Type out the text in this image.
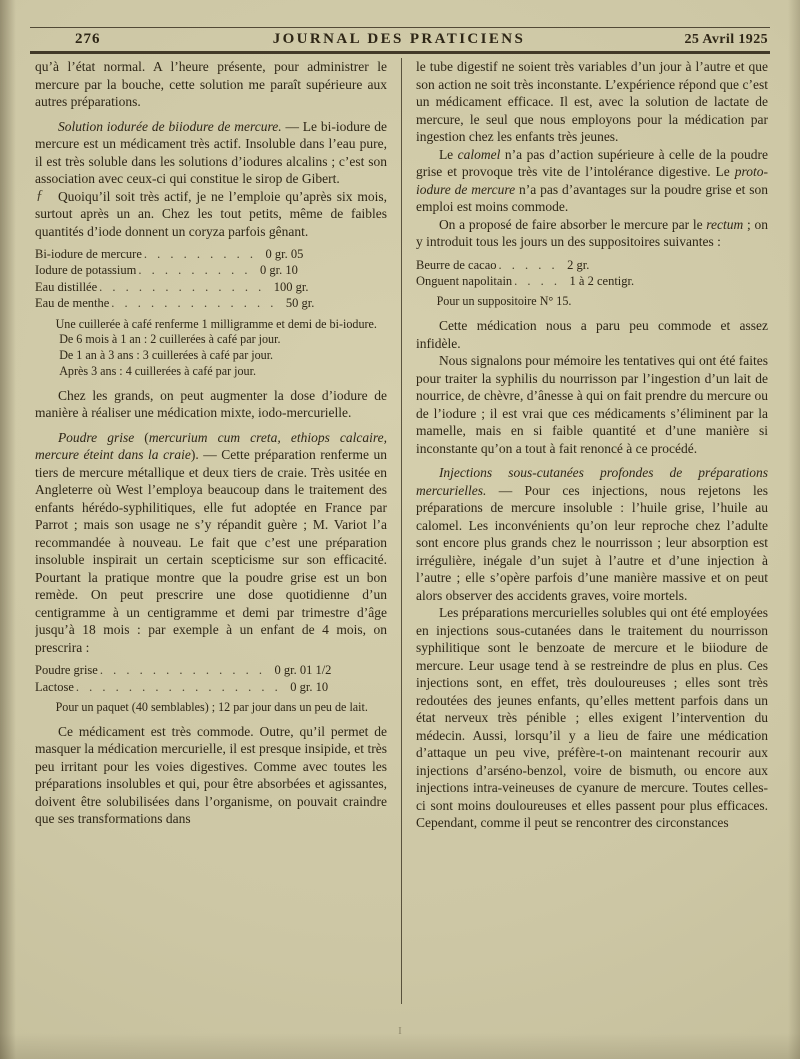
276	JOURNAL DES PRATICIENS	25 Avril 1925

qu’à l’état normal. A l’heure présente, pour administrer le mercure par la bouche, cette solution me paraît supérieure aux autres préparations.

Solution iodurée de biiodure de mercure. — Le bi-iodure de mercure est un médicament très actif. Insoluble dans l’eau pure, il est très soluble dans les solutions d’iodures alcalins ; c’est son association avec ceux-ci qui constitue le sirop de Gibert.

ƒ Quoiqu’il soit très actif, je ne l’emploie qu’après six mois, surtout après un an. Chez les tout petits, même de faibles quantités d’iode donnent un coryza parfois gênant.

Bi-iodure de mercure . . . . . . . . . 0 gr. 05
Iodure de potassium . . . . . . . . . 0 gr. 10
Eau distillée . . . . . . . . . . . . . 100 gr.
Eau de menthe . . . . . . . . . . . . . 50 gr.

Une cuillerée à café renferme 1 milligramme et demi de bi-iodure.

De 6 mois à 1 an : 2 cuillerées à café par jour.

De 1 an à 3 ans : 3 cuillerées à café par jour.

Après 3 ans : 4 cuillerées à café par jour.

Chez les grands, on peut augmenter la dose d’iodure de manière à réaliser une médication mixte, iodo-mercurielle.

Poudre grise (mercurium cum creta, ethiops calcaire, mercure éteint dans la craie). — Cette préparation renferme un tiers de mercure métallique et deux tiers de craie. Très usitée en Angleterre où West l’employa beaucoup dans le traitement des enfants hérédo-syphilitiques, elle fut adoptée en France par Parrot ; mais son usage ne s’y répandit guère ; M. Variot l’a recommandée à nouveau. Le fait que c’est une préparation insoluble inspirait un certain scepticisme sur son efficacité. Pourtant la pratique montre que la poudre grise est un bon remède. On peut prescrire une dose quotidienne d’un centigramme à un centigramme et demi par trimestre d’âge jusqu’à 18 mois : par exemple à un enfant de 4 mois, on prescrira :

Poudre grise . . . . . . . . . . . . . 0 gr. 01 1/2
Lactose . . . . . . . . . . . . . . . . 0 gr. 10

Pour un paquet (40 semblables) ; 12 par jour dans un peu de lait.

Ce médicament est très commode. Outre, qu’il permet de masquer la médication mercurielle, il est presque insipide, et très peu irritant pour les voies digestives. Comme avec toutes les préparations insolubles et qui, pour être absorbées et agissantes, doivent être solubilisées dans l’organisme, on pouvait craindre que ses transformations dans

le tube digestif ne soient très variables d’un jour à l’autre et que son action ne soit très inconstante. L’expérience répond que c’est un médicament efficace. Il est, avec la solution de lactate de mercure, le seul que nous employons pour la médication par ingestion chez les enfants très jeunes.

Le calomel n’a pas d’action supérieure à celle de la poudre grise et provoque très vite de l’intolérance digestive. Le proto-iodure de mercure n’a pas d’avantages sur la poudre grise et son emploi est moins commode.

On a proposé de faire absorber le mercure par le rectum ; on y introduit tous les jours un des suppositoires suivantes :

Beurre de cacao . . . . . 2 gr.
Onguent napolitain . . . . 1 à 2 centigr.

Pour un suppositoire N° 15.

Cette médication nous a paru peu commode et assez infidèle.

Nous signalons pour mémoire les tentatives qui ont été faites pour traiter la syphilis du nourrisson par l’ingestion d’un lait de nourrice, de chèvre, d’ânesse à qui on fait prendre du mercure ou de l’iodure ; il est vrai que ces médicaments s’éliminent par la mamelle, mais en si faible quantité et d’une manière si inconstante qu’on a tout à fait renoncé à ce procédé.

Injections sous-cutanées profondes de préparations mercurielles. — Pour ces injections, nous rejetons les préparations de mercure insoluble : l’huile grise, l’huile au calomel. Les inconvénients qu’on leur reproche chez l’adulte sont encore plus grands chez le nourrisson ; leur absorption est irrégulière, inégale d’un sujet à l’autre et d’une injection à l’autre ; elle s’opère parfois d’une manière massive et on peut alors observer des accidents graves, voire mortels.

Les préparations mercurielles solubles qui ont été employées en injections sous-cutanées dans le traitement du nourrisson syphilitique sont le benzoate de mercure et le biiodure de mercure. Leur usage tend à se restreindre de plus en plus. Ces injections sont, en effet, très douloureuses ; elles sont très redoutées des jeunes enfants, qu’elles mettent parfois dans un état nerveux très pénible ; elles exigent l’intervention du médecin. Aussi, lorsqu’il y a lieu de faire une médication d’attaque un peu vive, préfère-t-on maintenant recourir aux injections d’arséno-benzol, voire de bismuth, ou encore aux injections intra-veineuses de cyanure de mercure. Toutes celles-ci sont moins douloureuses et elles passent pour plus efficaces. Cependant, comme il peut se rencontrer des circonstances

I
